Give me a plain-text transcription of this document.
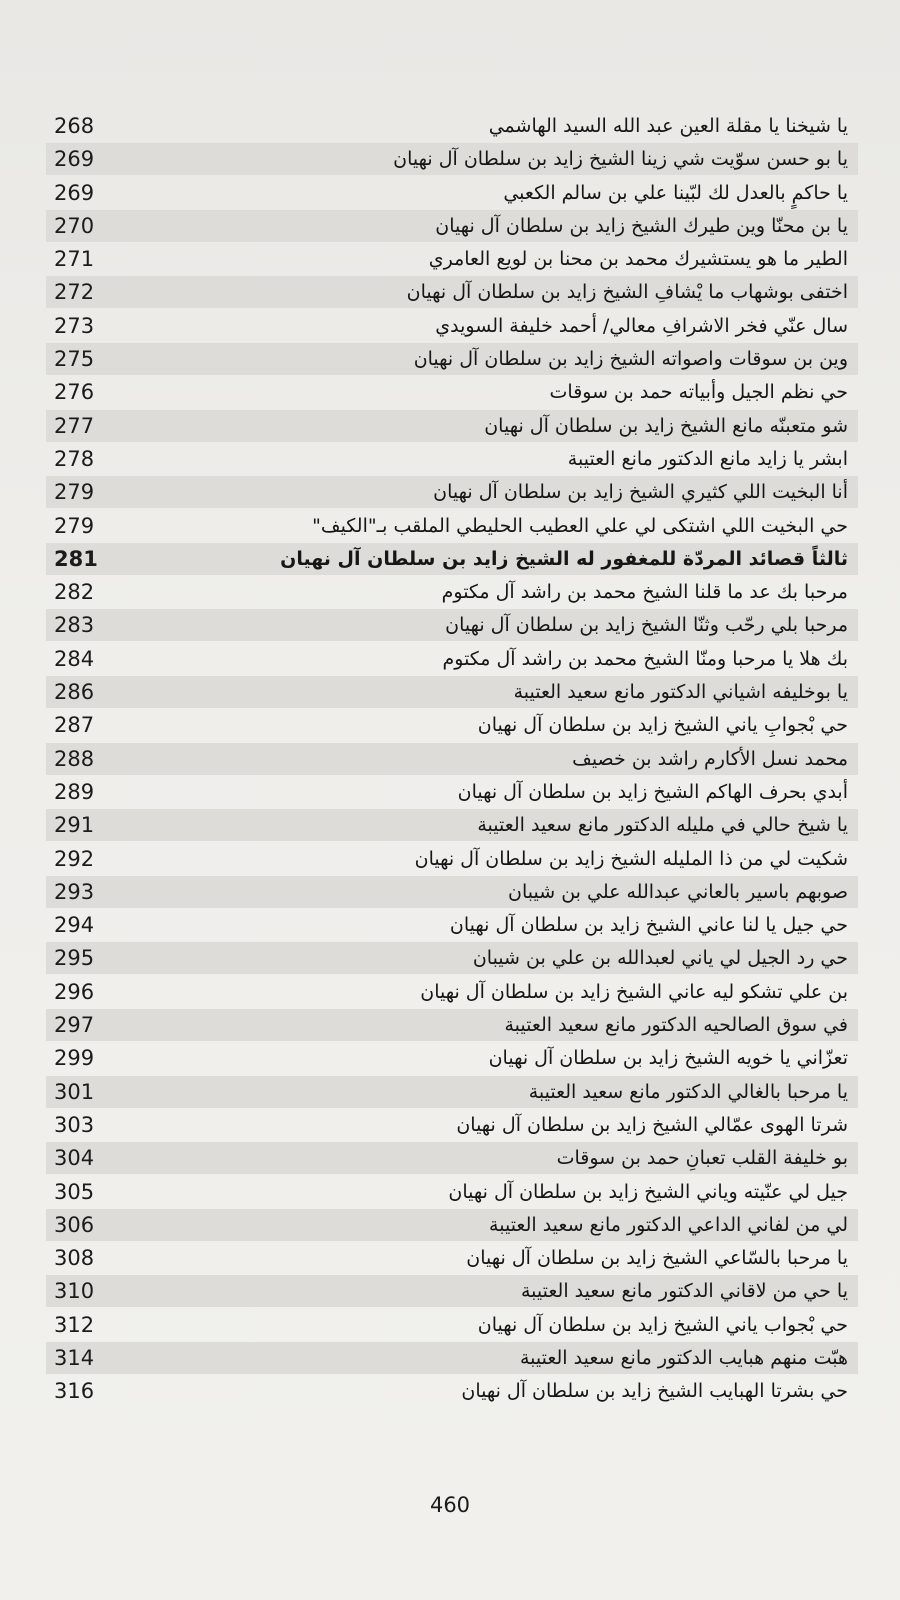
268	يا شيخنا يا مقلة العين عبد الله السيد الهاشمي
269	يا بو حسن سوّيت شي زينا الشيخ زايد بن سلطان آل نهيان
269	يا حاكمٍ بالعدل لك لبّينا علي بن سالم الكعبي
270	يا بن محنّا وين طيرك الشيخ زايد بن سلطان آل نهيان
271	الطير ما هو يستشيرك محمد بن محنا بن لويع العامري
272	اختفى بوشهاب ما يْشافِ الشيخ زايد بن سلطان آل نهيان
273	سال عنّي فخر الاشرافِ معالي/ أحمد خليفة السويدي
275	وين بن سوقات واصواته الشيخ زايد بن سلطان آل نهيان
276	حي نظم الجيل وأبياته حمد بن سوقات
277	شو متعبنّه مانع الشيخ زايد بن سلطان آل نهيان
278	ابشر يا زايد مانع الدكتور مانع العتيبة
279	أنا البخيت اللي كثيري الشيخ زايد بن سلطان آل نهيان
279	حي البخيت اللي اشتكى لي علي العطيب الحليطي الملقب بـ"الكيف"
281	ثالثاً قصائد المردّة للمغفور له الشيخ زايد بن سلطان آل نهيان
282	مرحبا بك عد ما قلنا الشيخ محمد بن راشد آل مكتوم
283	مرحبا بلي رحّب وثنّا الشيخ زايد بن سلطان آل نهيان
284	بك هلا يا مرحبا ومنّا الشيخ محمد بن راشد آل مكتوم
286	يا بوخليفه اشياني الدكتور مانع سعيد العتيبة
287	حي بْجوابِ ياني الشيخ زايد بن سلطان آل نهيان
288	محمد نسل الأكارم راشد بن خصيف
289	أبدي بحرف الهاكم الشيخ زايد بن سلطان آل نهيان
291	يا شيخ حالي في مليله الدكتور مانع سعيد العتيبة
292	شكيت لي من ذا المليله الشيخ زايد بن سلطان آل نهيان
293	صوبهم باسير بالعاني عبدالله علي بن شيبان
294	حي جيل يا لنا عاني الشيخ زايد بن سلطان آل نهيان
295	حي رد الجيل لي ياني لعبدالله بن علي بن شيبان
296	بن علي تشكو ليه عاني الشيخ زايد بن سلطان آل نهيان
297	في سوق الصالحيه الدكتور مانع سعيد العتيبة
299	تعزّاني يا خويه الشيخ زايد بن سلطان آل نهيان
301	يا مرحبا بالغالي الدكتور مانع سعيد العتيبة
303	شرتا الهوى عمّالي الشيخ زايد بن سلطان آل نهيان
304	بو خليفة القلب تعبانِ حمد بن سوقات
305	جيل لي عنّيته وياني الشيخ زايد بن سلطان آل نهيان
306	لي من لفاني الداعي الدكتور مانع سعيد العتيبة
308	يا مرحبا بالسّاعي الشيخ زايد بن سلطان آل نهيان
310	يا حي من لاقاني الدكتور مانع سعيد العتيبة
312	حي بْجواب ياني الشيخ زايد بن سلطان آل نهيان
314	هبّت منهم هبايب الدكتور مانع سعيد العتيبة
316	حي بشرتا الهبايب الشيخ زايد بن سلطان آل نهيان
460
